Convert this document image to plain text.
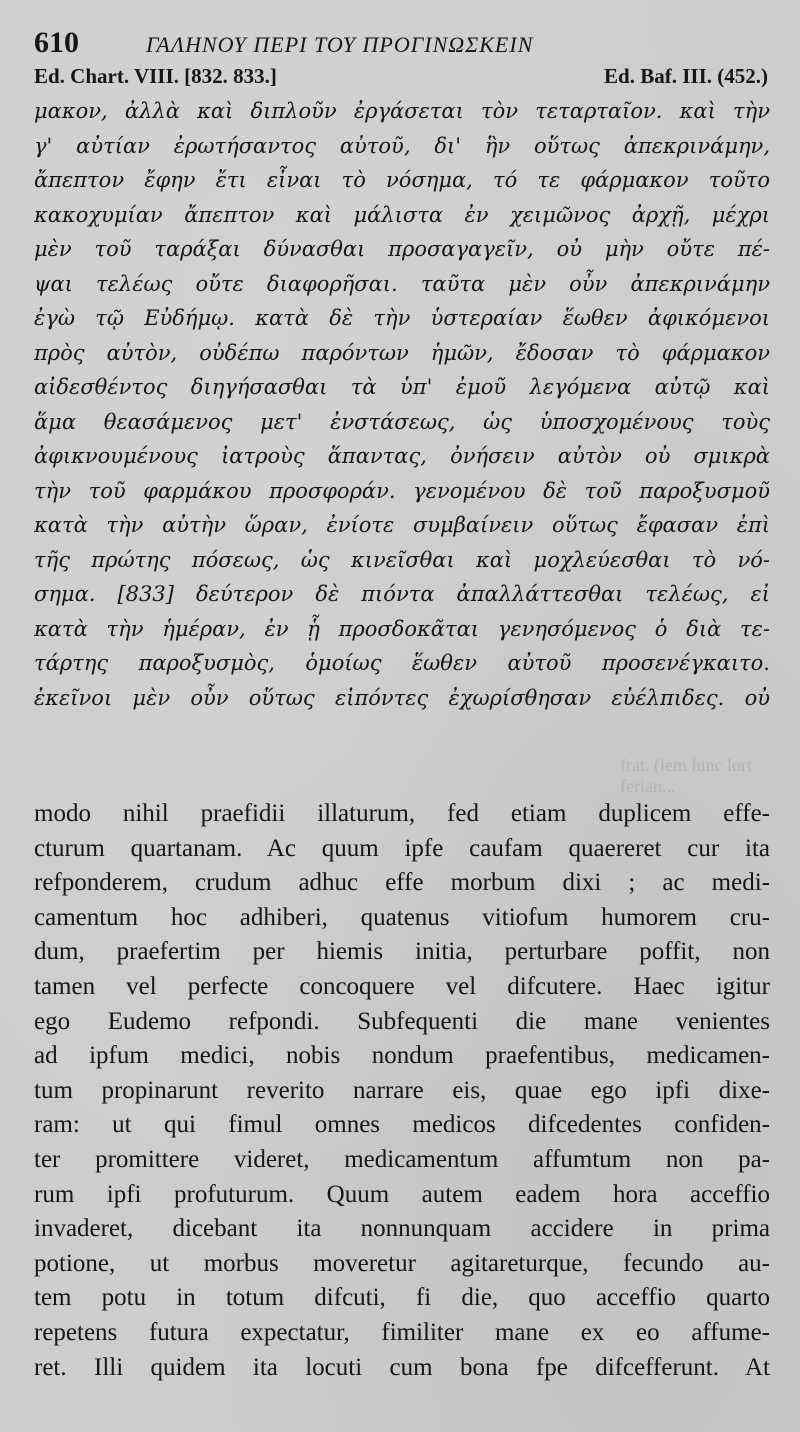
610	ΓΑΛΗΝΟΥ ΠΕΡΙ ΤΟΥ ΠΡΟΓΙΝΩΣΚΕΙΝ
Ed. Chart. VIII. [832. 833.]	Ed. Baf. III. (452.)
μακον, ἀλλὰ καὶ διπλοῦν ἐργάσεται τὸν τεταρταῖον. καὶ τὴν
γ' αὐτίαν ἐρωτήσαντος αὐτοῦ, δι' ἣν οὕτως ἀπεκρινάμην,
ἄπεπτον ἔφην ἔτι εἶναι τὸ νόσημα, τό τε φάρμακον τοῦτο
κακοχυμίαν ἄπεπτον καὶ μάλιστα ἐν χειμῶνος ἀρχῇ, μέχρι
μὲν τοῦ ταράξαι δύνασθαι προσαγαγεῖν, οὐ μὴν οὔτε πέ-
ψαι τελέως οὔτε διαφορῆσαι. ταῦτα μὲν οὖν ἀπεκρινάμην
ἐγὼ τῷ Εὐδήμῳ. κατὰ δὲ τὴν ὑστεραίαν ἕωθεν ἀφικόμενοι
πρὸς αὐτὸν, οὐδέπω παρόντων ἡμῶν, ἔδοσαν τὸ φάρμακον
αἰδεσθέντος διηγήσασθαι τὰ ὑπ' ἐμοῦ λεγόμενα αὐτῷ καὶ
ἅμα θεασάμενος μετ' ἐνστάσεως, ὡς ὑποσχομένους τοὺς
ἀφικνουμένους ἰατροὺς ἅπαντας, ὀνήσειν αὐτὸν οὐ σμικρὰ
τὴν τοῦ φαρμάκου προσφοράν. γενομένου δὲ τοῦ παροξυσμοῦ
κατὰ τὴν αὐτὴν ὥραν, ἐνίοτε συμβαίνειν οὕτως ἔφασαν ἐπὶ
τῆς πρώτης πόσεως, ὡς κινεῖσθαι καὶ μοχλεύεσθαι τὸ νό-
σημα. [833] δεύτερον δὲ πιόντα ἀπαλλάττεσθαι τελέως, εἰ
κατὰ τὴν ἡμέραν, ἐν ᾗ προσδοκᾶται γενησόμενος ὁ διὰ τε-
τάρτης παροξυσμὸς, ὁμοίως ἕωθεν αὐτοῦ προσενέγκαιτο.
ἐκεῖνοι μὲν οὖν οὕτως εἰπόντες ἐχωρίσθησαν εὐέλπιδες. οὐ
frat. (lem lunc lort ferian...
modo nihil praefidii illaturum, fed etiam duplicem effe-
cturum quartanam. Ac quum ipfe caufam quaereret cur ita
refponderem, crudum adhuc effe morbum dixi ; ac medi-
camentum hoc adhiberi, quatenus vitiofum humorem cru-
dum, praefertim per hiemis initia, perturbare poffit, non
tamen vel perfecte concoquere vel difcutere. Haec igitur
ego Eudemo refpondi. Subfequenti die mane venientes
ad ipfum medici, nobis nondum praefentibus, medicamen-
tum propinarunt reverito narrare eis, quae ego ipfi dixe-
ram: ut qui fimul omnes medicos difcedentes confiden-
ter promittere videret, medicamentum affumtum non pa-
rum ipfi profuturum. Quum autem eadem hora acceffio
invaderet, dicebant ita nonnunquam accidere in prima
potione, ut morbus moveretur agitareturque, fecundo au-
tem potu in totum difcuti, fi die, quo acceffio quarto
repetens futura expectatur, fimiliter mane ex eo affume-
ret. Illi quidem ita locuti cum bona fpe difcefferunt. At
